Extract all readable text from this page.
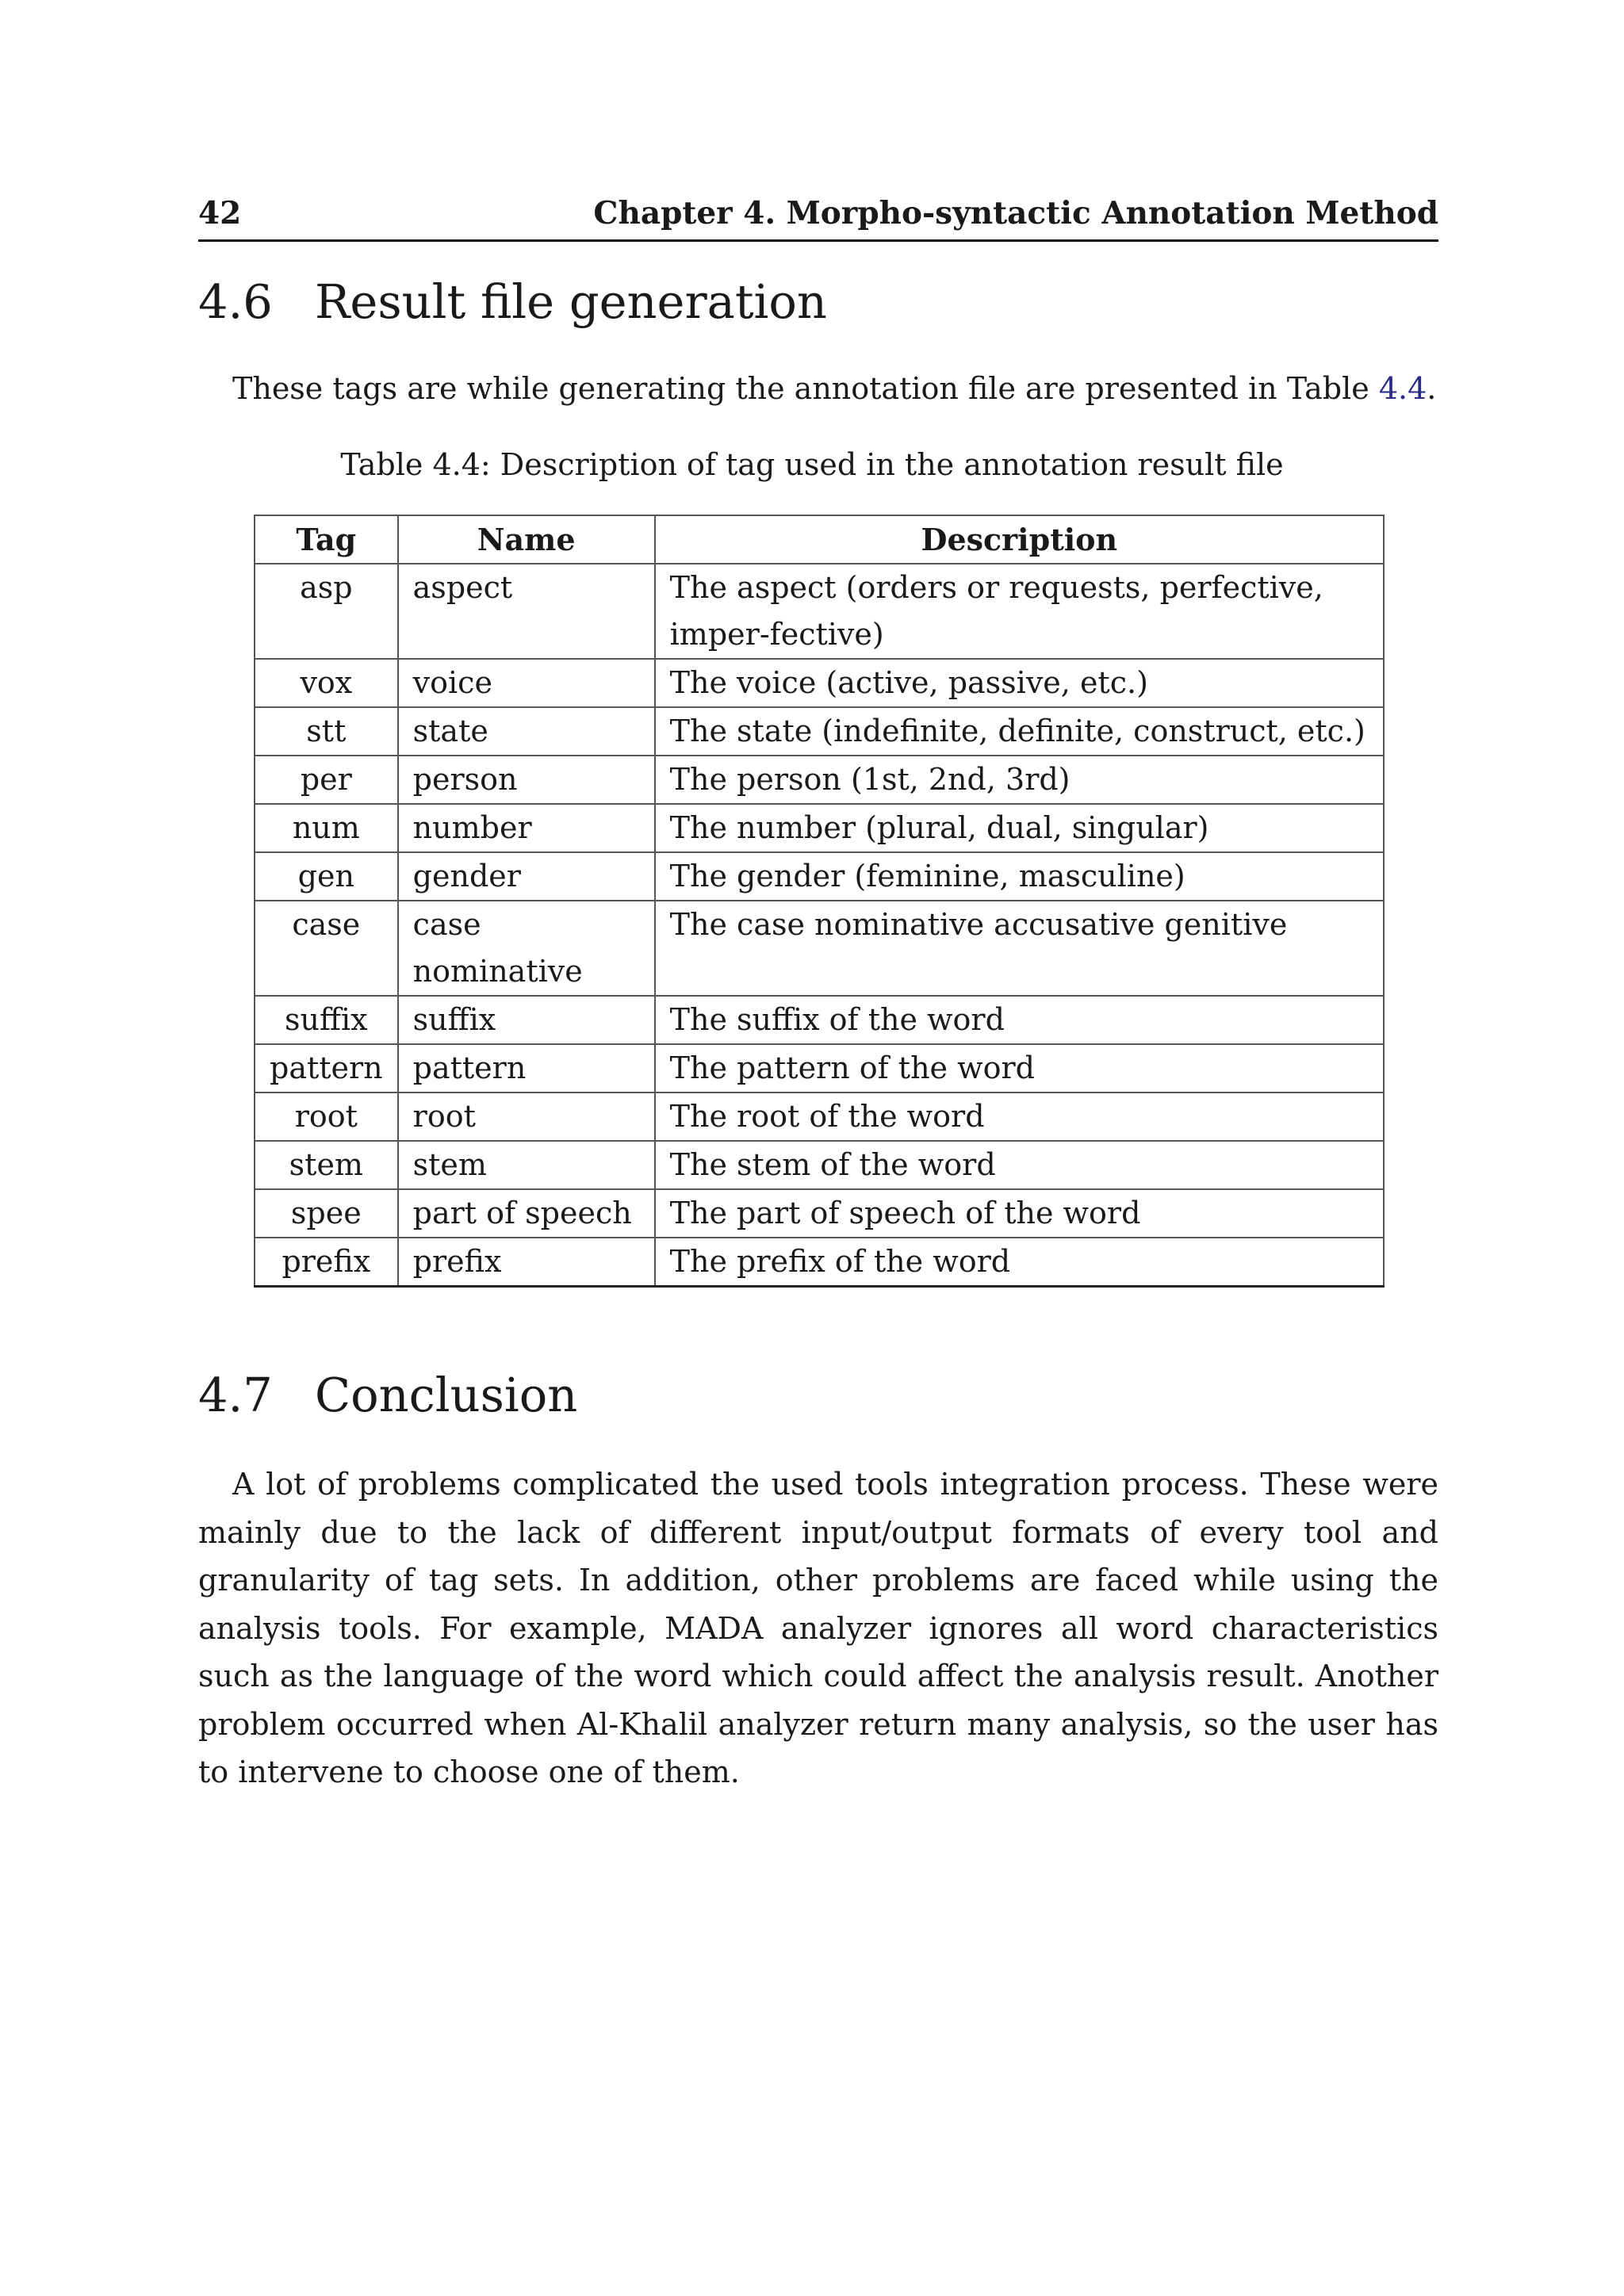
42	Chapter 4. Morpho-syntactic Annotation Method
4.6 Result file generation

These tags are while generating the annotation file are presented in Table 4.4.

Table 4.4: Description of tag used in the annotation result file

Tag	Name	Description
asp	aspect	The aspect (orders or requests, perfective, imper-fective)
vox	voice	The voice (active, passive, etc.)
stt	state	The state (indefinite, definite, construct, etc.)
per	person	The person (1st, 2nd, 3rd)
num	number	The number (plural, dual, singular)
gen	gender	The gender (feminine, masculine)
case	case nominative	The case nominative accusative genitive
suffix	suffix	The suffix of the word
pattern	pattern	The pattern of the word
root	root	The root of the word
stem	stem	The stem of the word
spee	part of speech	The part of speech of the word
prefix	prefix	The prefix of the word
4.7 Conclusion

A lot of problems complicated the used tools integration process. These were mainly due to the lack of different input/output formats of every tool and granularity of tag sets. In addition, other problems are faced while using the analysis tools. For example, MADA analyzer ignores all word characteristics such as the language of the word which could affect the analysis result. Another problem occurred when Al-Khalil analyzer return many analysis, so the user has to intervene to choose one of them.
